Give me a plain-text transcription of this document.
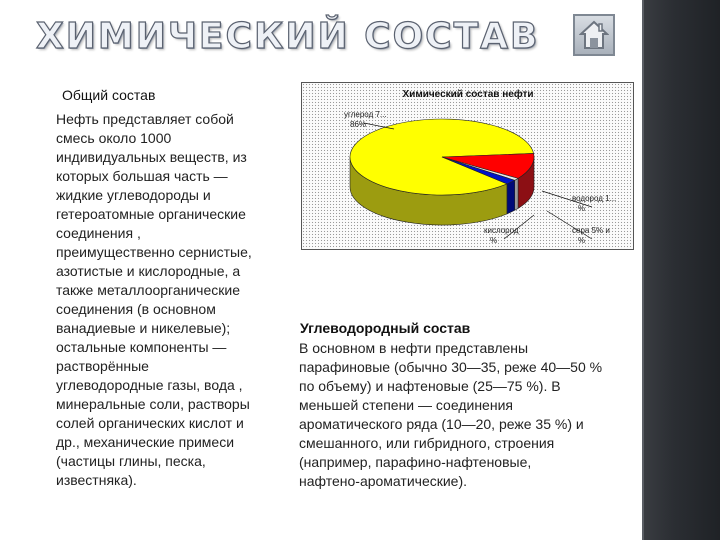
ХИМИЧЕСКИЙ СОСТАВ
Общий состав
Нефть представляет собой
смесь около 1000
индивидуальных веществ, из
которых большая часть —
жидкие углеводороды и
гетероатомные органические
соединения ,
преимущественно сернистые,
азотистые и кислородные, а
также металлоорганические
соединения (в основном
ванадиевые и никелевые);
остальные компоненты —
растворённые
углеводородные газы, вода ,
минеральные соли, растворы
солей органических кислот и
др., механические примеси
(частицы глины, песка,
известняка).
Химический состав нефти
углерод 7... 86%
водород 1... %
кислород %
сера 5% и %
Углеводородный состав
В основном в нефти представлены
парафиновые (обычно 30—35, реже 40—50 %
по объему) и нафтеновые (25—75 %). В
меньшей степени — соединения
ароматического ряда (10—20, реже 35 %) и
смешанного, или гибридного, строения
(например, парафино-нафтеновые,
нафтено-ароматические).
